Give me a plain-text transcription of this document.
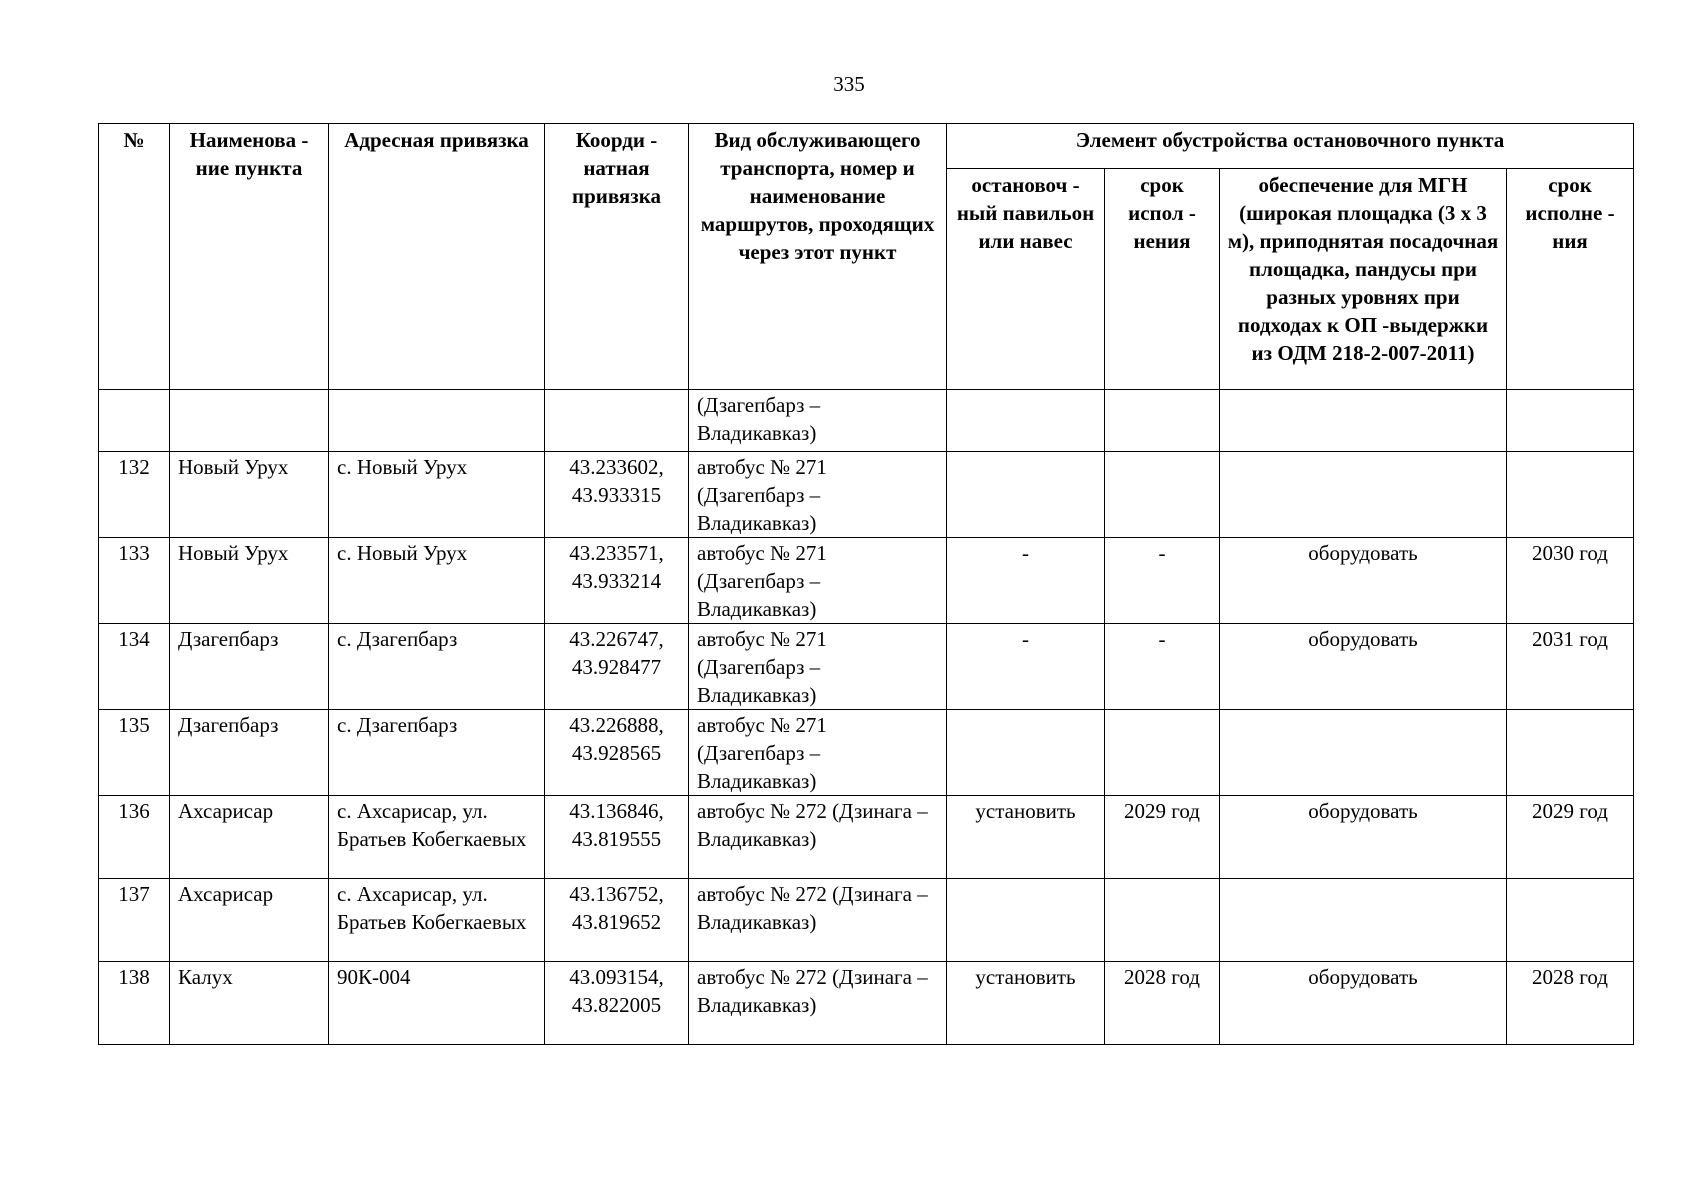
335
№	Наименова - ние пункта	Адресная привязка	Коорди - натная привязка	Вид обслуживающего транспорта, номер и наименование маршрутов, проходящих через этот пункт	Элемент обустройства остановочного пункта			
					остановоч - ный павильон или навес	срок испол - нения	обеспечение для МГН (широкая площадка (3 х 3 м), приподнятая посадочная площадка, пандусы при разных уровнях при подходах к ОП -выдержки из ОДМ 218-2-007-2011)	срок исполне - ния
				(Дзагепбарз – Владикавказ)				
132	Новый Урух	с. Новый Урух	43.233602, 43.933315	автобус № 271 (Дзагепбарз – Владикавказ)				
133	Новый Урух	с. Новый Урух	43.233571, 43.933214	автобус № 271 (Дзагепбарз – Владикавказ)	-	-	оборудовать	2030 год
134	Дзагепбарз	с. Дзагепбарз	43.226747, 43.928477	автобус № 271 (Дзагепбарз – Владикавказ)	-	-	оборудовать	2031 год
135	Дзагепбарз	с. Дзагепбарз	43.226888, 43.928565	автобус № 271 (Дзагепбарз – Владикавказ)				
136	Ахсарисар	с. Ахсарисар, ул. Братьев Кобегкаевых	43.136846, 43.819555	автобус № 272 (Дзинага – Владикавказ)	установить	2029 год	оборудовать	2029 год
137	Ахсарисар	с. Ахсарисар, ул. Братьев Кобегкаевых	43.136752, 43.819652	автобус № 272 (Дзинага – Владикавказ)				
138	Калух	90К-004	43.093154, 43.822005	автобус № 272 (Дзинага – Владикавказ)	установить	2028 год	оборудовать	2028 год
